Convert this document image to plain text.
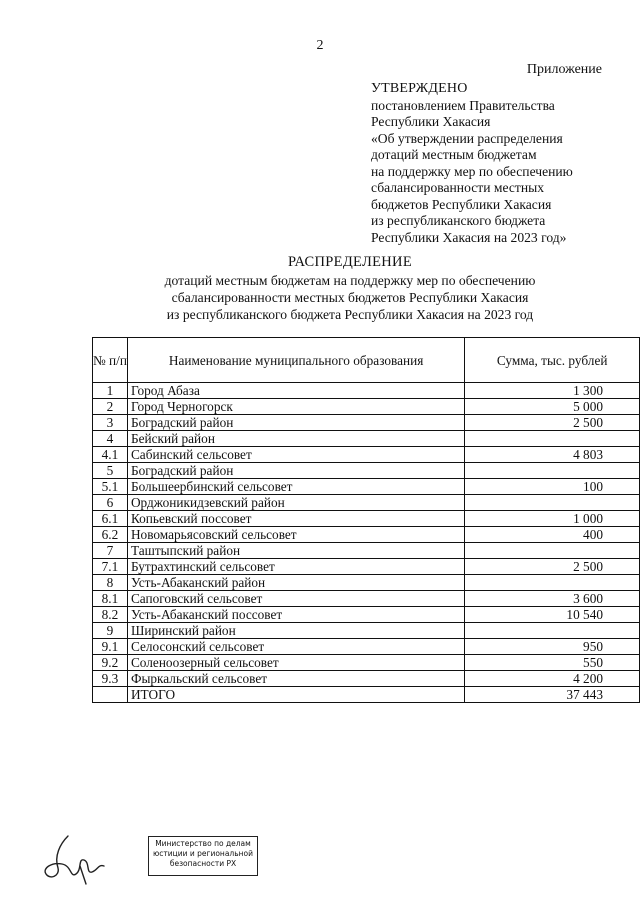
2
Приложение
УТВЕРЖДЕНО
постановлением Правительства
Республики Хакасия
«Об утверждении распределения
дотаций местным бюджетам
на поддержку мер по обеспечению
сбалансированности местных
бюджетов Республики Хакасия
из республиканского бюджета
Республики Хакасия на 2023 год»
РАСПРЕДЕЛЕНИЕ
дотаций местным бюджетам на поддержку мер по обеспечению
сбалансированности местных бюджетов Республики Хакасия
из республиканского бюджета Республики Хакасия на 2023 год
№ п/п	Наименование муниципального образования	Сумма, тыс. рублей
1	Город Абаза	1 300
2	Город Черногорск	5 000
3	Боградский район	2 500
4	Бейский район	
4.1	Сабинский сельсовет	4 803
5	Боградский район	
5.1	Большеербинский сельсовет	100
6	Орджоникидзевский район	
6.1	Копьевский поссовет	1 000
6.2	Новомарьясовский сельсовет	400
7	Таштыпский район	
7.1	Бутрахтинский сельсовет	2 500
8	Усть-Абаканский район	
8.1	Сапоговский сельсовет	3 600
8.2	Усть-Абаканский поссовет	10 540
9	Ширинский район	
9.1	Селосонский сельсовет	950
9.2	Соленоозерный сельсовет	550
9.3	Фыркальский сельсовет	4 200
	ИТОГО	37 443
Министерство по делам
юстиции и региональной
безопасности РХ
